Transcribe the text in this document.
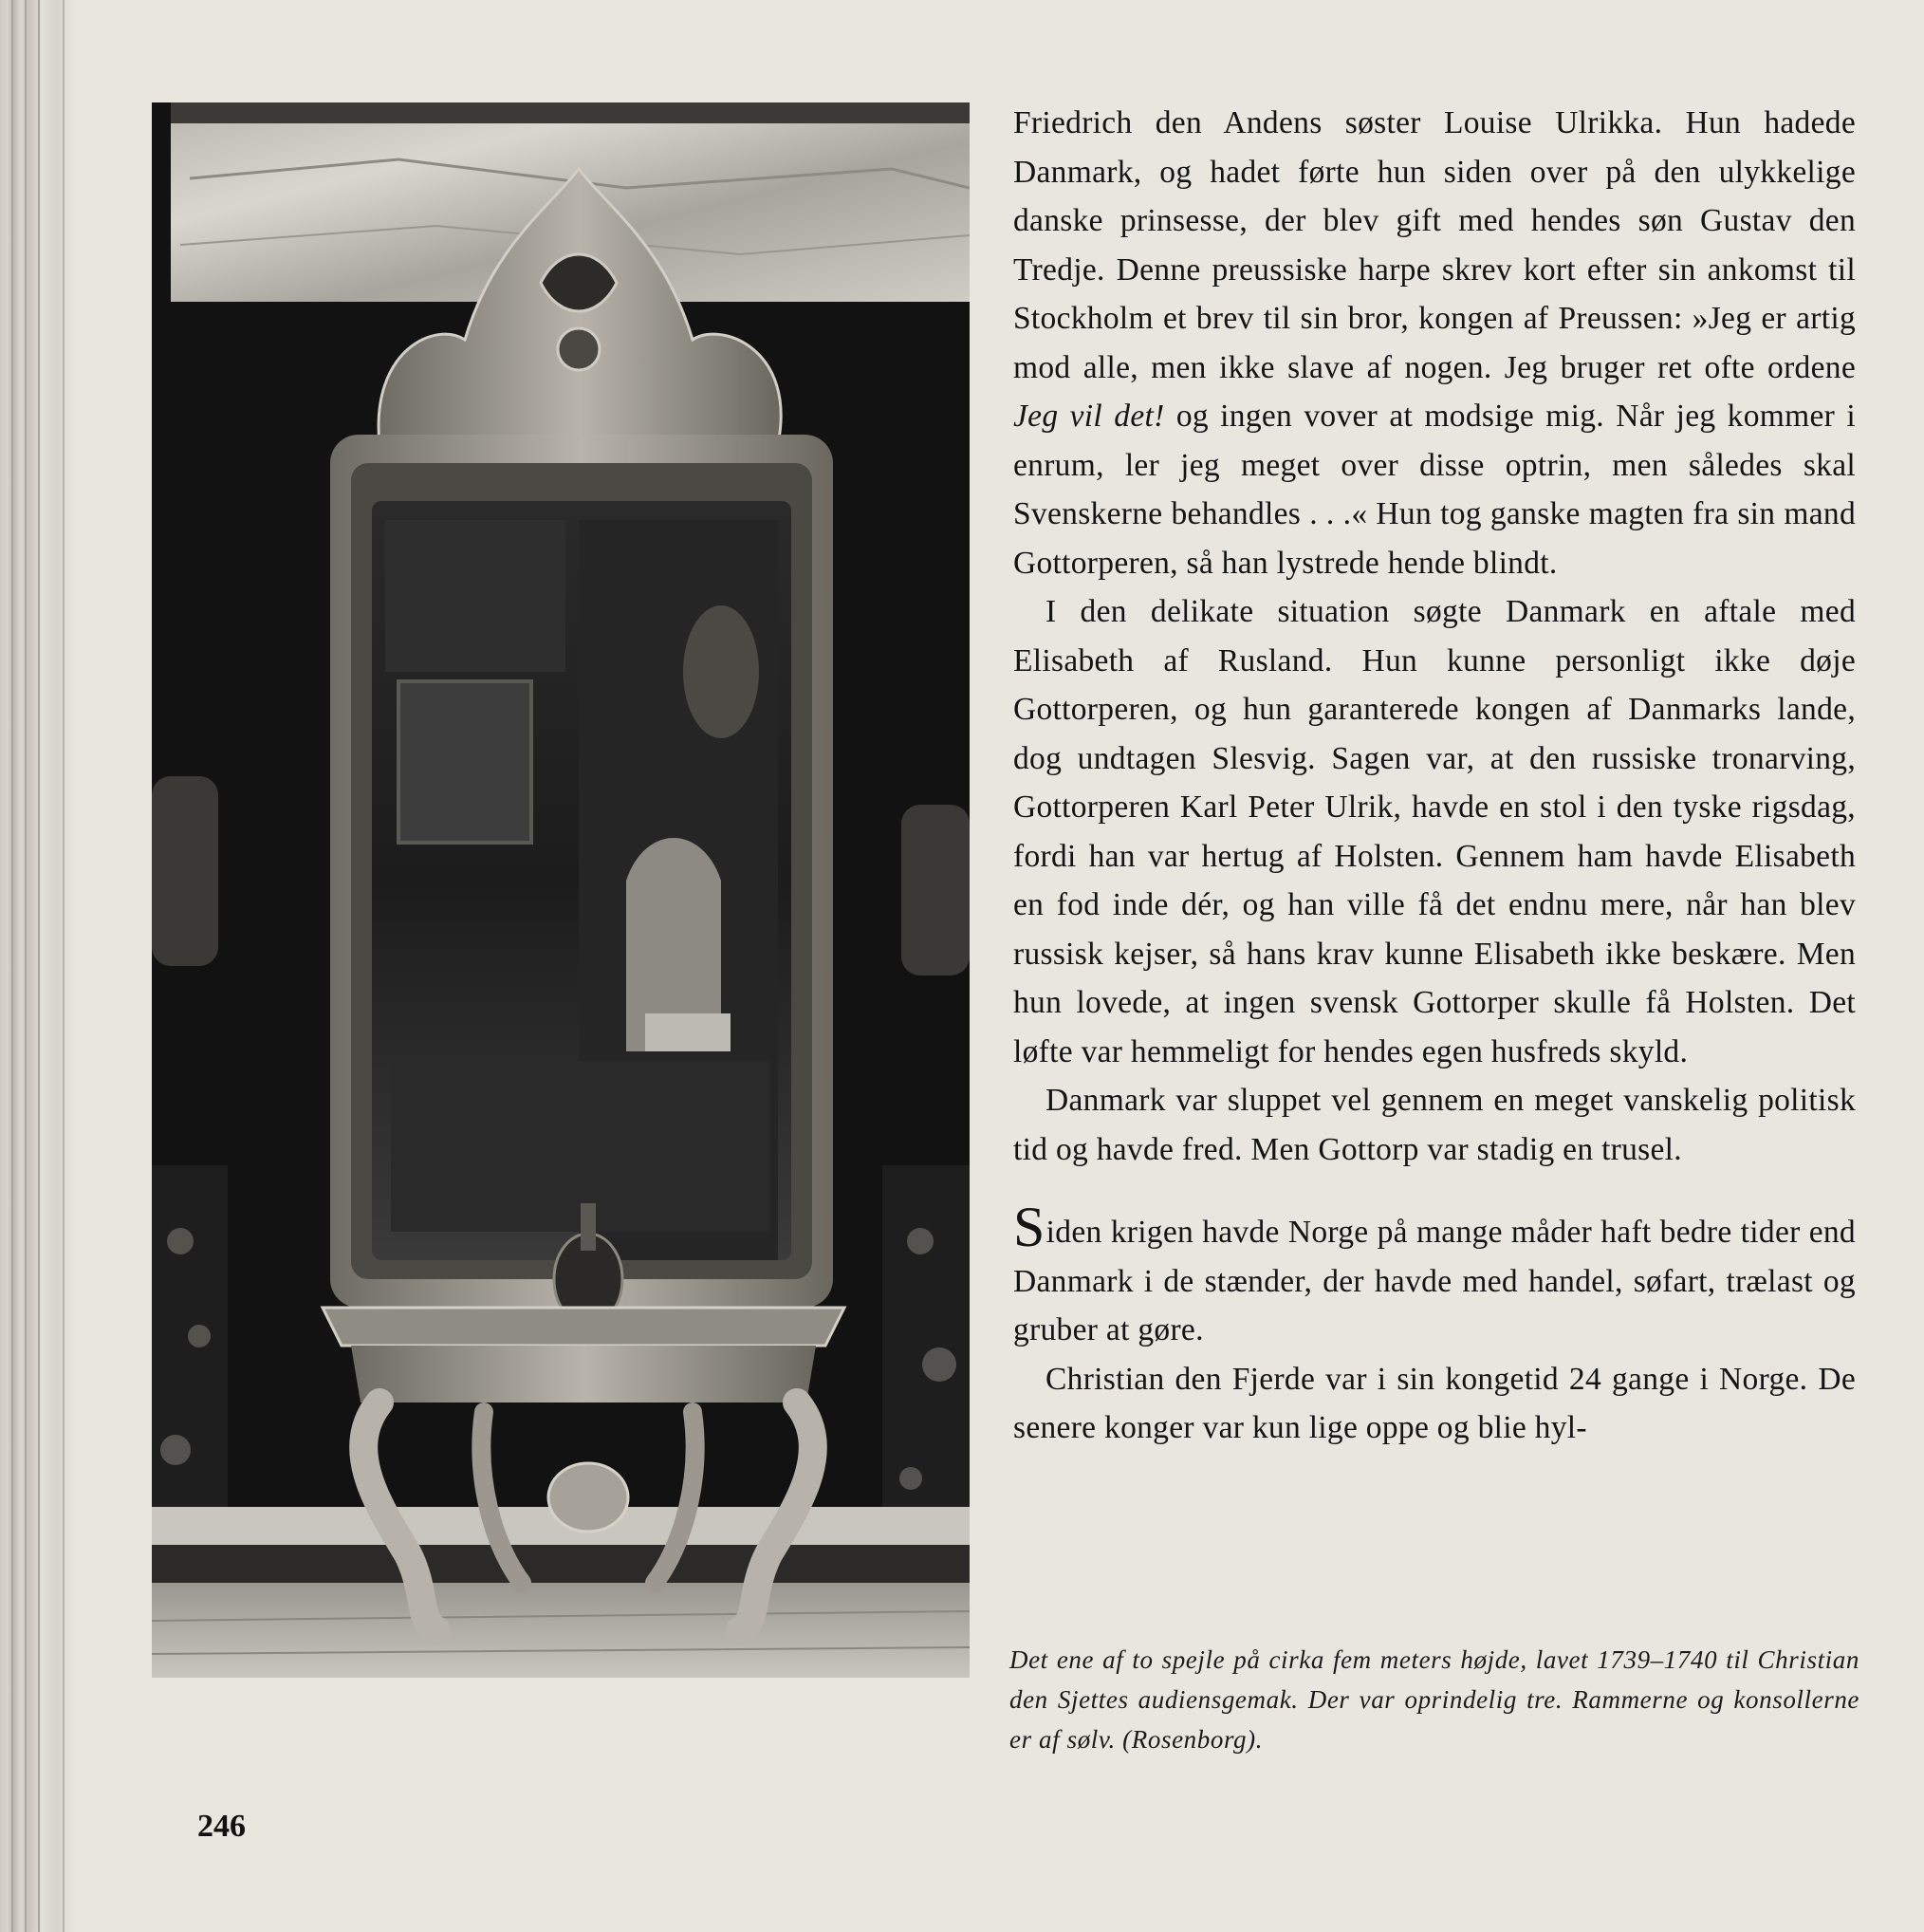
Friedrich den Andens søster Louise Ulrikka. Hun hadede Danmark, og hadet førte hun siden over på den ulykkelige danske prinsesse, der blev gift med hendes søn Gustav den Tredje. Denne preussiske harpe skrev kort efter sin ankomst til Stockholm et brev til sin bror, kongen af Preussen: »Jeg er artig mod alle, men ikke slave af nogen. Jeg bruger ret ofte ordene Jeg vil det! og ingen vover at modsige mig. Når jeg kommer i enrum, ler jeg meget over disse optrin, men således skal Svenskerne behandles . . .« Hun tog ganske magten fra sin mand Gottorperen, så han lystrede hende blindt.

I den delikate situation søgte Danmark en aftale med Elisabeth af Rusland. Hun kunne personligt ikke døje Gottorperen, og hun garanterede kongen af Danmarks lande, dog undtagen Slesvig. Sagen var, at den russiske tronarving, Gottorperen Karl Peter Ulrik, havde en stol i den tyske rigsdag, fordi han var hertug af Holsten. Gennem ham havde Elisabeth en fod inde dér, og han ville få det endnu mere, når han blev russisk kejser, så hans krav kunne Elisabeth ikke beskære. Men hun lovede, at ingen svensk Gottorper skulle få Holsten. Det løfte var hemmeligt for hendes egen husfreds skyld.

Danmark var sluppet vel gennem en meget vanskelig politisk tid og havde fred. Men Gottorp var stadig en trusel.

Siden krigen havde Norge på mange måder haft bedre tider end Danmark i de stænder, der havde med handel, søfart, trælast og gruber at gøre.

Christian den Fjerde var i sin kongetid 24 gange i Norge. De senere konger var kun lige oppe og blie hyl-

Det ene af to spejle på cirka fem meters højde, lavet 1739–1740 til Christian den Sjettes audiensgemak. Der var oprindelig tre. Rammerne og konsollerne er af sølv. (Rosenborg).
246
